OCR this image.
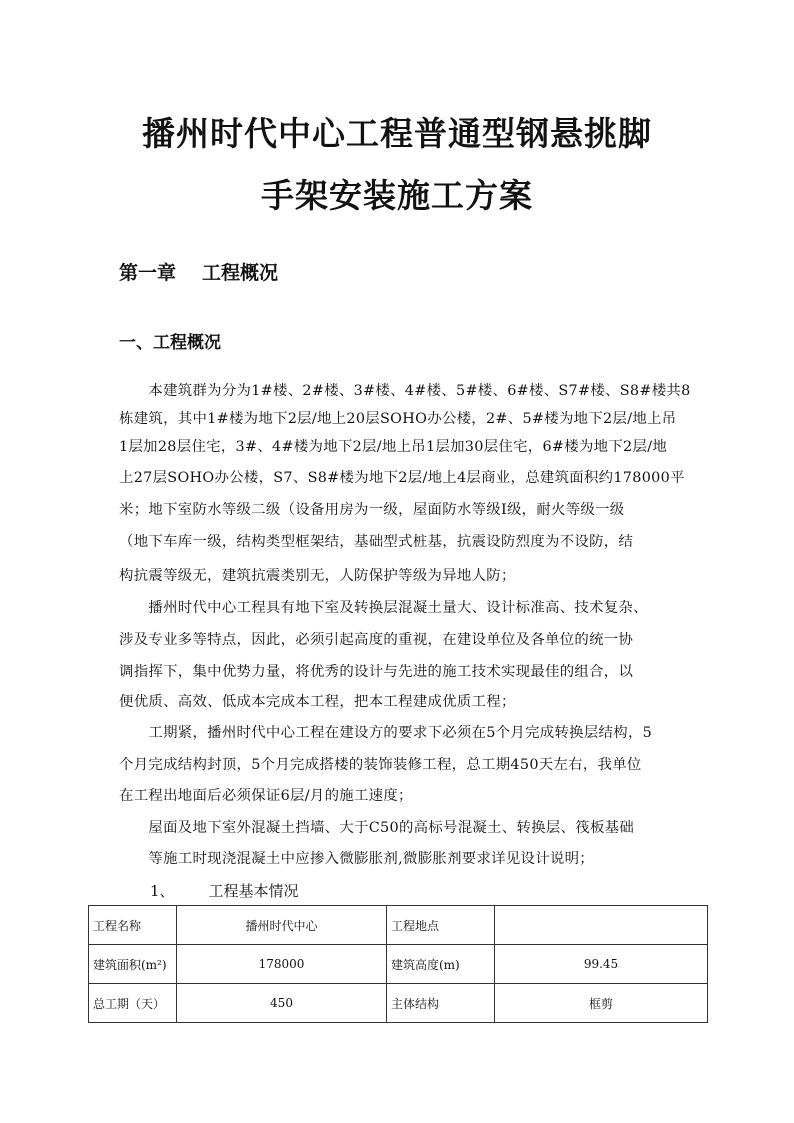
播州时代中心工程普通型钢悬挑脚
手架安装施工方案
第一章 工程概况
一、工程概况
　　本建筑群为分为1#楼、2#楼、3#楼、4#楼、5#楼、6#楼、S7#楼、S8#楼共8
栋建筑，其中1#楼为地下2层/地上20层SOHO办公楼，2#、5#楼为地下2层/地上吊
1层加28层住宅，3#、4#楼为地下2层/地上吊1层加30层住宅，6#楼为地下2层/地
上27层SOHO办公楼，S7、S8#楼为地下2层/地上4层商业，总建筑面积约178000平
米；地下室防水等级二级（设备用房为一级，屋面防水等级Ⅰ级，耐火等级一级
（地下车库一级，结构类型框架结，基础型式桩基，抗震设防烈度为不设防，结
构抗震等级无，建筑抗震类别无，人防保护等级为异地人防；
　　播州时代中心工程具有地下室及转换层混凝土量大、设计标准高、技术复杂、
涉及专业多等特点，因此，必须引起高度的重视，在建设单位及各单位的统一协
调指挥下，集中优势力量，将优秀的设计与先进的施工技术实现最佳的组合，以
便优质、高效、低成本完成本工程，把本工程建成优质工程；
　　工期紧，播州时代中心工程在建设方的要求下必须在5个月完成转换层结构，5
个月完成结构封顶，5个月完成搭楼的装饰装修工程，总工期450天左右，我单位
在工程出地面后必须保证6层/月的施工速度；
　　屋面及地下室外混凝土挡墙、大于C50的高标号混凝土、转换层、筏板基础
　　等施工时现浇混凝土中应掺入微膨胀剂,微膨胀剂要求详见设计说明；
1、 工程基本情况
工程名称	播州时代中心	工程地点	
建筑面积(m²)	178000	建筑高度(m)	99.45
总工期（天）	450	主体结构	框剪
